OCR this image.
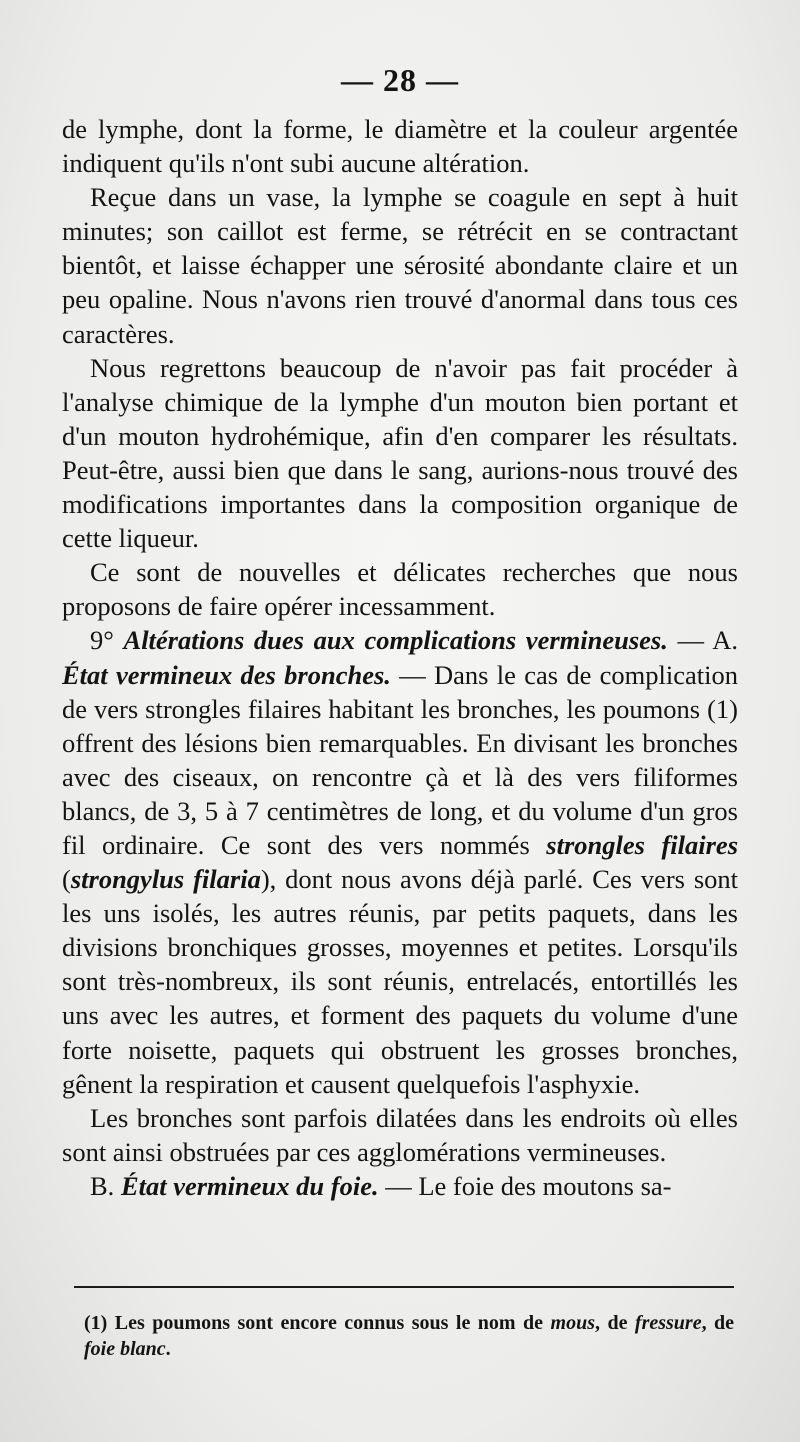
— 28 —

de lymphe, dont la forme, le diamètre et la couleur argentée indiquent qu'ils n'ont subi aucune altération.

Reçue dans un vase, la lymphe se coagule en sept à huit minutes; son caillot est ferme, se rétrécit en se contractant bientôt, et laisse échapper une sérosité abondante claire et un peu opaline. Nous n'avons rien trouvé d'anormal dans tous ces caractères.

Nous regrettons beaucoup de n'avoir pas fait procéder à l'analyse chimique de la lymphe d'un mouton bien portant et d'un mouton hydrohémique, afin d'en comparer les résultats. Peut-être, aussi bien que dans le sang, aurions-nous trouvé des modifications importantes dans la composition organique de cette liqueur.

Ce sont de nouvelles et délicates recherches que nous proposons de faire opérer incessamment.

9° Altérations dues aux complications vermineuses. — A. État vermineux des bronches. — Dans le cas de complication de vers strongles filaires habitant les bronches, les poumons (1) offrent des lésions bien remarquables. En divisant les bronches avec des ciseaux, on rencontre çà et là des vers filiformes blancs, de 3, 5 à 7 centimètres de long, et du volume d'un gros fil ordinaire. Ce sont des vers nommés strongles filaires (strongylus filaria), dont nous avons déjà parlé. Ces vers sont les uns isolés, les autres réunis, par petits paquets, dans les divisions bronchiques grosses, moyennes et petites. Lorsqu'ils sont très-nombreux, ils sont réunis, entrelacés, entortillés les uns avec les autres, et forment des paquets du volume d'une forte noisette, paquets qui obstruent les grosses bronches, gênent la respiration et causent quelquefois l'asphyxie.

Les bronches sont parfois dilatées dans les endroits où elles sont ainsi obstruées par ces agglomérations vermineuses.

B. État vermineux du foie. — Le foie des moutons sa-

(1) Les poumons sont encore connus sous le nom de mous, de fressure, de foie blanc.
